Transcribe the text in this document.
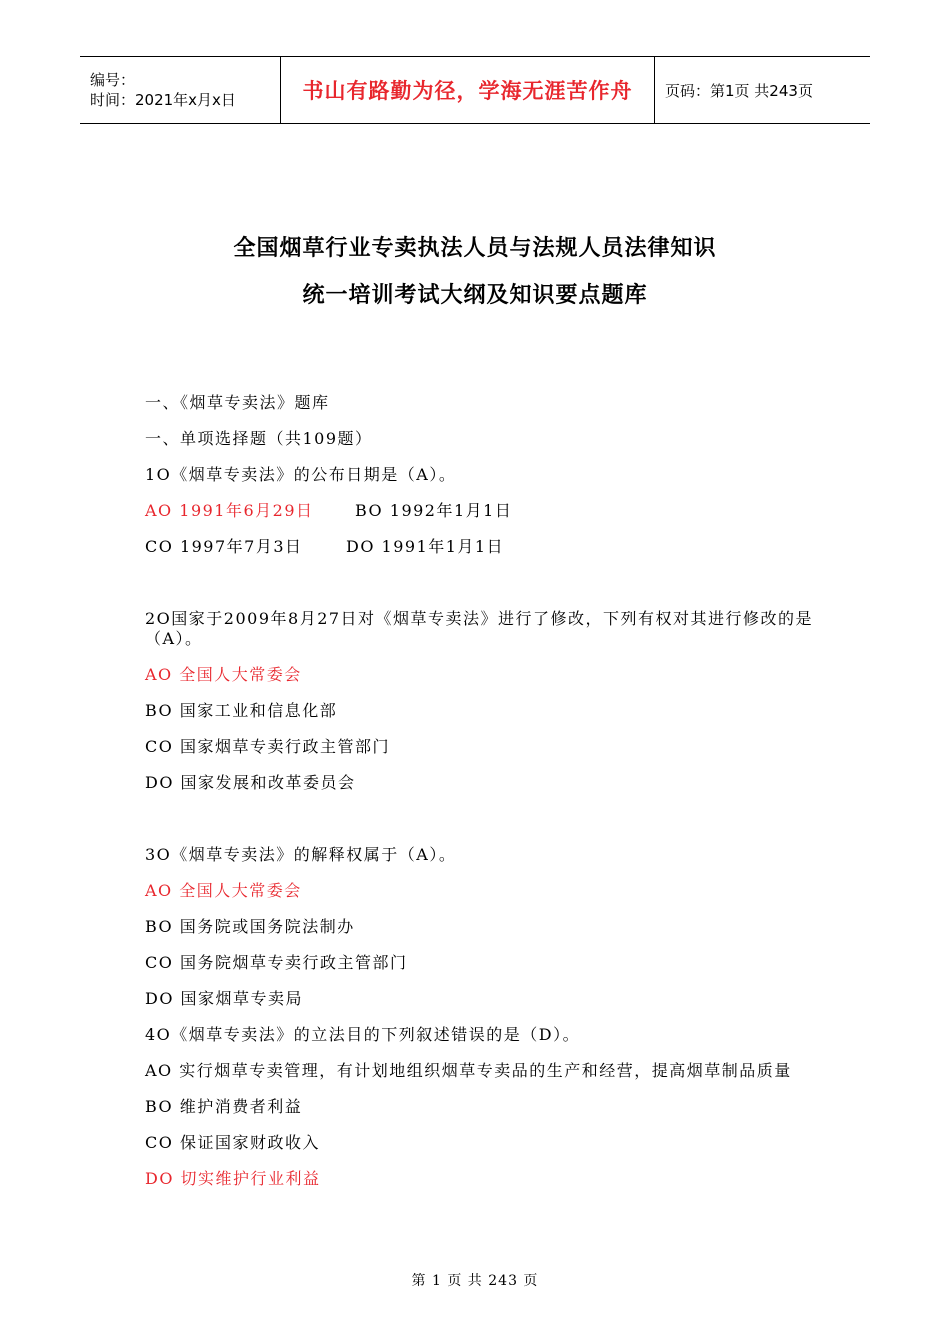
编号：
时间：2021年x月x日	书山有路勤为径，学海无涯苦作舟 页码：第1页 共243页
全国烟草行业专卖执法人员与法规人员法律知识
统一培训考试大纲及知识要点题库
一、《烟草专卖法》题库
一、单项选择题（共109题）
1O《烟草专卖法》的公布日期是（A）。
AO 1991年6月29日	BO 1992年1月1日
CO 1997年7月3日	DO 1991年1月1日
2O国家于2009年8月27日对《烟草专卖法》进行了修改，下列有权对其进行修改的是
（A）。
AO 全国人大常委会
BO 国家工业和信息化部
CO 国家烟草专卖行政主管部门
DO 国家发展和改革委员会
3O《烟草专卖法》的解释权属于（A）。
AO 全国人大常委会
BO 国务院或国务院法制办
CO 国务院烟草专卖行政主管部门
DO 国家烟草专卖局
4O《烟草专卖法》的立法目的下列叙述错误的是（D）。
AO 实行烟草专卖管理，有计划地组织烟草专卖品的生产和经营，提高烟草制品质量
BO 维护消费者利益
CO 保证国家财政收入
DO 切实维护行业利益
第 1 页 共 243 页
